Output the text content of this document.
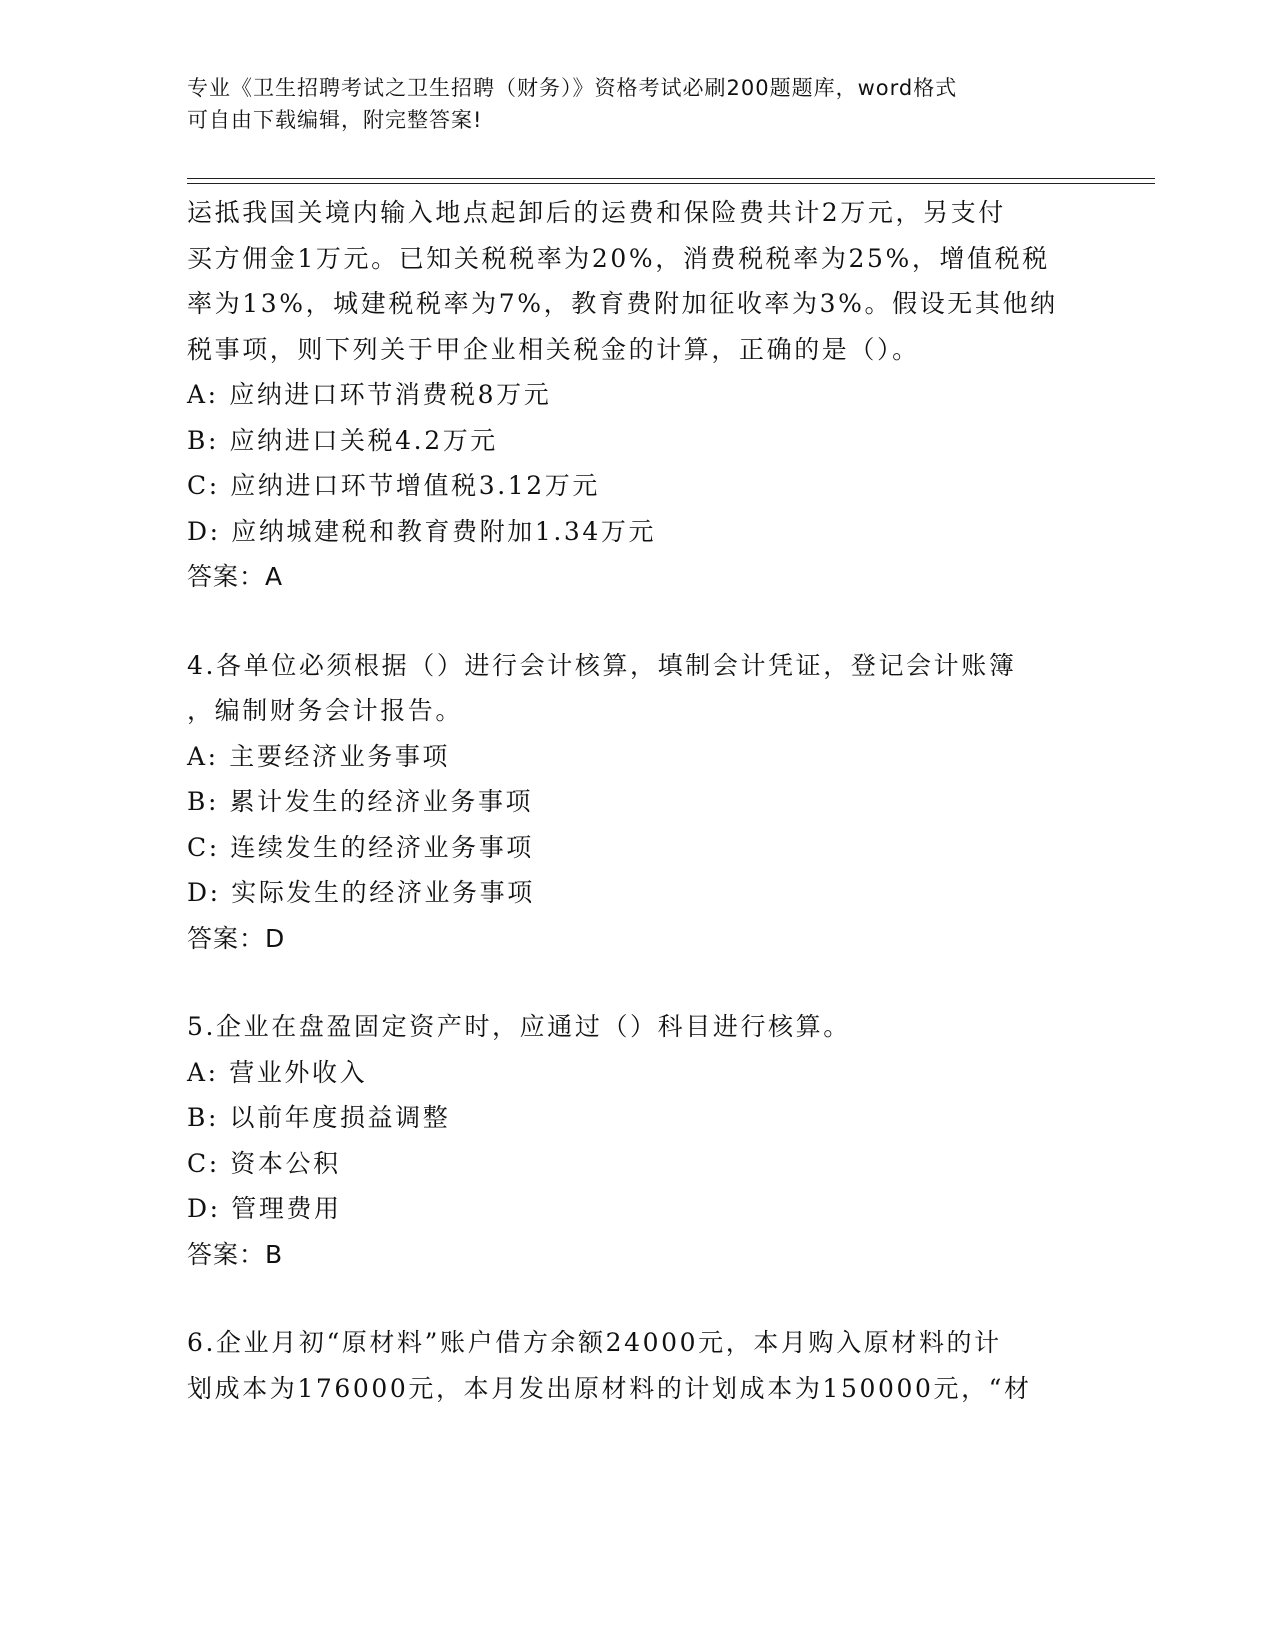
专业《卫生招聘考试之卫生招聘（财务）》资格考试必刷200题题库，word格式
可自由下载编辑，附完整答案!
运抵我国关境内输入地点起卸后的运费和保险费共计2万元，另支付
买方佣金1万元。已知关税税率为20%，消费税税率为25%，增值税税
率为13%，城建税税率为7%，教育费附加征收率为3%。假设无其他纳
税事项，则下列关于甲企业相关税金的计算，正确的是（）。
A: 应纳进口环节消费税8万元
B: 应纳进口关税4.2万元
C: 应纳进口环节增值税3.12万元
D: 应纳城建税和教育费附加1.34万元
答案：A
4.各单位必须根据（）进行会计核算，填制会计凭证，登记会计账簿
，编制财务会计报告。
A: 主要经济业务事项
B: 累计发生的经济业务事项
C: 连续发生的经济业务事项
D: 实际发生的经济业务事项
答案：D
5.企业在盘盈固定资产时，应通过（）科目进行核算。
A: 营业外收入
B: 以前年度损益调整
C: 资本公积
D: 管理费用
答案：B
6.企业月初“原材料”账户借方余额24000元，本月购入原材料的计
划成本为176000元，本月发出原材料的计划成本为150000元，“材
